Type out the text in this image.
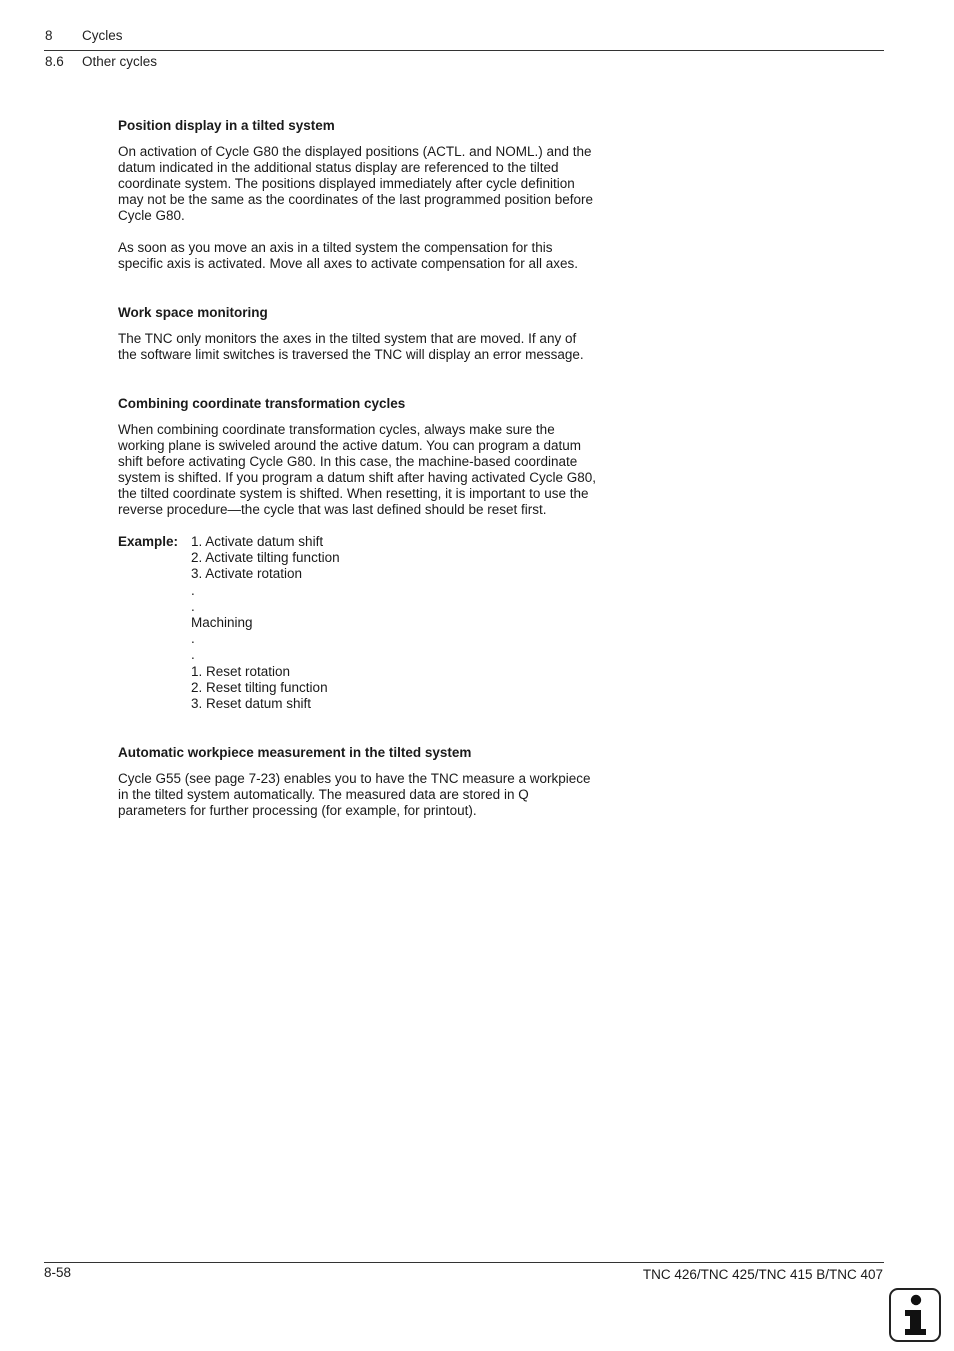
8 Cycles
8.6 Other cycles
Position display in a tilted system

On activation of Cycle G80 the displayed positions (ACTL. and NOML.) and the datum indicated in the additional status display are referenced to the tilted coordinate system. The positions displayed immediately after cycle definition may not be the same as the coordinates of the last programmed position before Cycle G80.

As soon as you move an axis in a tilted system the compensation for this specific axis is activated. Move all axes to activate compensation for all axes.

Work space monitoring

The TNC only monitors the axes in the tilted system that are moved. If any of the software limit switches is traversed the TNC will display an error message.

Combining coordinate transformation cycles

When combining coordinate transformation cycles, always make sure the working plane is swiveled around the active datum. You can program a datum shift before activating Cycle G80. In this case, the machine-based coordinate system is shifted. If you program a datum shift after having activated Cycle G80, the tilted coordinate system is shifted. When resetting, it is important to use the reverse procedure—the cycle that was last defined should be reset first.

Example: 1. Activate datum shift
2. Activate tilting function
3. Activate rotation
.
.
Machining
.
.
1. Reset rotation
2. Reset tilting function
3. Reset datum shift
Automatic workpiece measurement in the tilted system

Cycle G55 (see page 7-23) enables you to have the TNC measure a workpiece in the tilted system automatically. The measured data are stored in Q parameters for further processing (for example, for printout).

8-58	TNC 426/TNC 425/TNC 415 B/TNC 407
